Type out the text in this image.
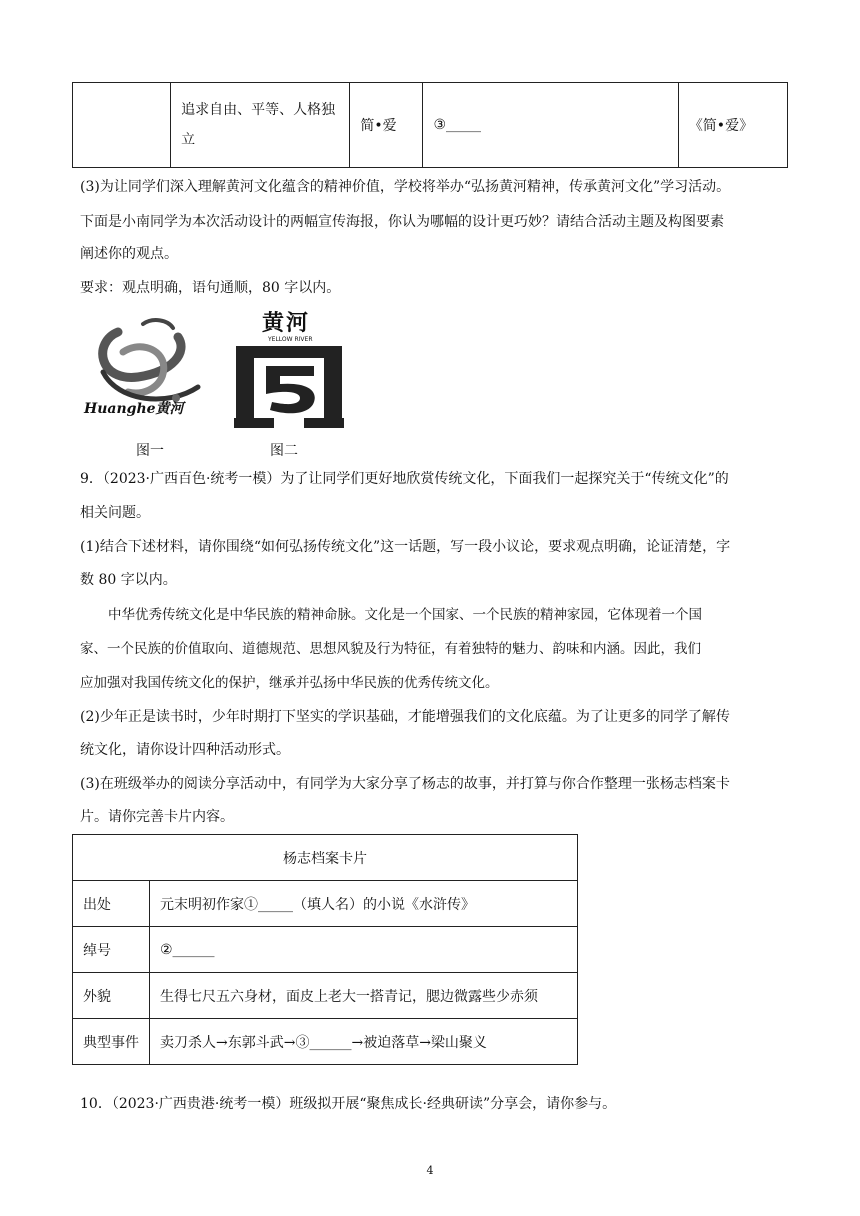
	追求自由、平等、人格独立	简•爱	③_____	《简•爱》
(3)为让同学们深入理解黄河文化蕴含的精神价值，学校将举办“弘扬黄河精神，传承黄河文化”学习活动。
下面是小南同学为本次活动设计的两幅宣传海报，你认为哪幅的设计更巧妙？请结合活动主题及构图要素
阐述你的观点。
要求：观点明确，语句通顺，80 字以内。
Huanghe黄河
图一
黄河
YELLOW RIVER
图二
9．（2023·广西百色·统考一模）为了让同学们更好地欣赏传统文化，下面我们一起探究关于“传统文化”的
相关问题。
(1)结合下述材料，请你围绕“如何弘扬传统文化”这一话题，写一段小议论，要求观点明确，论证清楚，字
数 80 字以内。
中华优秀传统文化是中华民族的精神命脉。文化是一个国家、一个民族的精神家园，它体现着一个国
家、一个民族的价值取向、道德规范、思想风貌及行为特征，有着独特的魅力、韵味和内涵。因此，我们
应加强对我国传统文化的保护，继承并弘扬中华民族的优秀传统文化。
(2)少年正是读书时，少年时期打下坚实的学识基础，才能增强我们的文化底蕴。为了让更多的同学了解传
统文化，请你设计四种活动形式。
(3)在班级举办的阅读分享活动中，有同学为大家分享了杨志的故事，并打算与你合作整理一张杨志档案卡
片。请你完善卡片内容。
杨志档案卡片	
出处	元末明初作家①_____（填人名）的小说《水浒传》
绰号	②______
外貌	生得七尺五六身材，面皮上老大一搭青记，腮边微露些少赤须
典型事件	卖刀杀人→东郭斗武→③______→被迫落草→梁山聚义
10．（2023·广西贵港·统考一模）班级拟开展“聚焦成长·经典研读”分享会，请你参与。
4
